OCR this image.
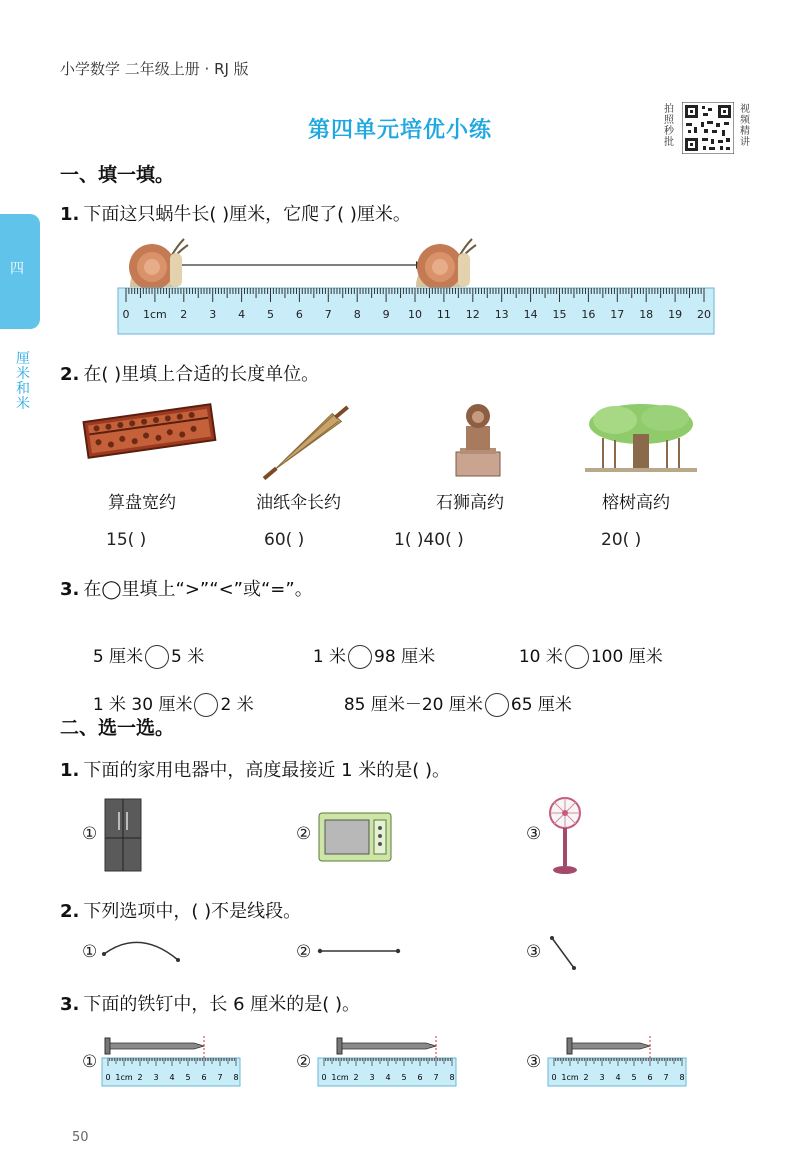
小学数学 二年级上册 · RJ 版
第四单元培优小练
拍照秒批
视频精讲
四
厘米和米
一、填一填。
1. 下面这只蜗牛长( )厘米，它爬了( )厘米。
0 1cm 2 3 4 5 6 7 8 9 10 11 12 13 14 15 16 17 18 19 20
2. 在( )里填上合适的长度单位。
算盘宽约	油纸伞长约	石狮高约	榕树高约
15( )	60( )	1( )40( )	20( )
3. 在◯里填上“>”“<”或“=”。

5 厘米 5 米	1 米 98 厘米	10 米 100 厘米

1 米 30 厘米 2 米	85 厘米－20 厘米 65 厘米

二、选一选。
1. 下面的家用电器中，高度最接近 1 米的是( )。
①	②	③
2. 下列选项中，( )不是线段。
①	②	③
3. 下面的铁钉中，长 6 厘米的是( )。
①
0 1cm 2 3 4 5 6 7 8
②
0 1cm 2 3 4 5 6 7 8
③
0 1cm 2 3 4 5 6 7 8
50
